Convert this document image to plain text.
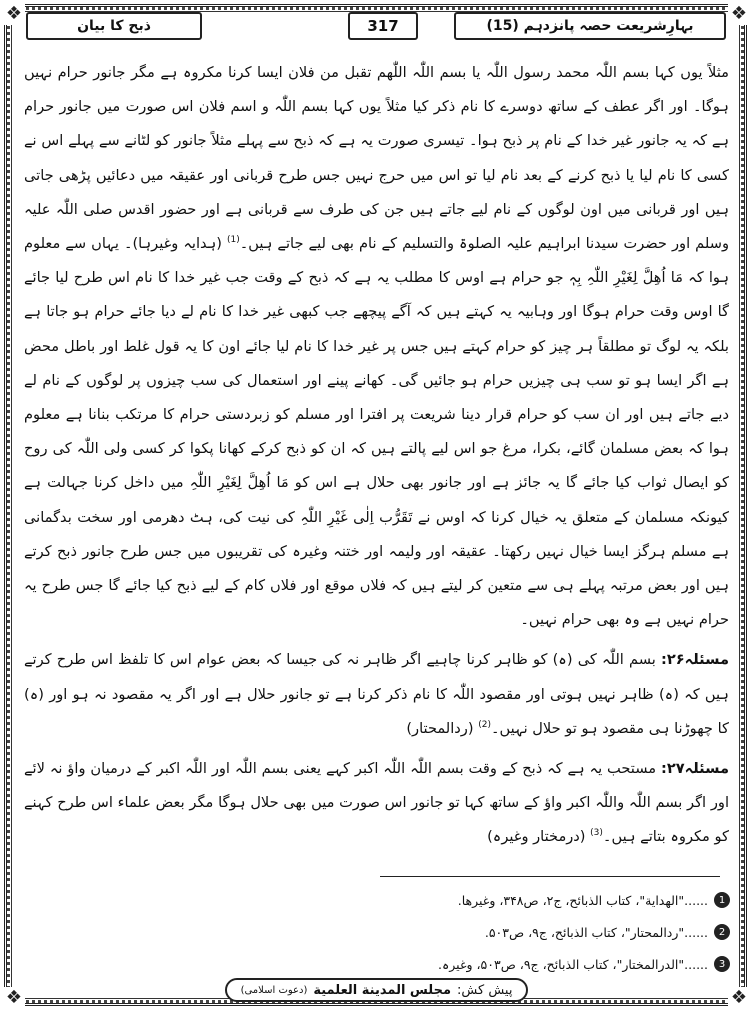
❖	❖
❖	❖
بہارِشریعت حصہ پانزدہم (15)
317
ذبح کا بیان

مثلاً یوں کہا بسم اللّٰہ محمد رسول اللّٰہ یا بسم اللّٰہ اللّٰھم تقبل من فلان ایسا کرنا مکروہ ہے مگر جانور حرام نہیں ہوگا۔ اور اگر عطف کے ساتھ دوسرے کا نام ذکر کیا مثلاً یوں کہا بسم اللّٰہ و اسم فلان اس صورت میں جانور حرام ہے کہ یہ جانور غیر خدا کے نام پر ذبح ہوا۔ تیسری صورت یہ ہے کہ ذبح سے پہلے مثلاً جانور کو لٹانے سے پہلے اس نے کسی کا نام لیا یا ذبح کرنے کے بعد نام لیا تو اس میں حرج نہیں جس طرح قربانی اور عقیقہ میں دعائیں پڑھی جاتی ہیں اور قربانی میں اون لوگوں کے نام لیے جاتے ہیں جن کی طرف سے قربانی ہے اور حضور اقدس صلی اللّٰہ علیہ وسلم اور حضرت سیدنا ابراہیم علیہ الصلوۃ والتسلیم کے نام بھی لیے جاتے ہیں۔$^{(1)}$ (ہدایہ وغیرہا)۔ یہاں سے معلوم ہوا کہ مَا اُھِلَّ لِغَیْرِ اللّٰہِ بِہٖ جو حرام ہے اوس کا مطلب یہ ہے کہ ذبح کے وقت جب غیر خدا کا نام اس طرح لیا جائے گا اوس وقت حرام ہوگا اور وہابیہ یہ کہتے ہیں کہ آگے پیچھے جب کبھی غیر خدا کا نام لے دیا جائے حرام ہو جاتا ہے بلکہ یہ لوگ تو مطلقاً ہر چیز کو حرام کہتے ہیں جس پر غیر خدا کا نام لیا جائے اون کا یہ قول غلط اور باطل محض ہے اگر ایسا ہو تو سب ہی چیزیں حرام ہو جائیں گی۔ کھانے پینے اور استعمال کی سب چیزوں پر لوگوں کے نام لے دیے جاتے ہیں اور ان سب کو حرام قرار دینا شریعت پر افترا اور مسلم کو زبردستی حرام کا مرتکب بنانا ہے معلوم ہوا کہ بعض مسلمان گائے، بکرا، مرغ جو اس لیے پالتے ہیں کہ ان کو ذبح کرکے کھانا پکوا کر کسی ولی اللّٰہ کی روح کو ایصال ثواب کیا جائے گا یہ جائز ہے اور جانور بھی حلال ہے اس کو مَا اُھِلَّ لِغَیْرِ اللّٰہِ میں داخل کرنا جہالت ہے کیونکہ مسلمان کے متعلق یہ خیال کرنا کہ اوس نے تَقَرُّب اِلٰی غَیْرِ اللّٰہِ کی نیت کی، ہٹ دھرمی اور سخت بدگمانی ہے مسلم ہرگز ایسا خیال نہیں رکھتا۔ عقیقہ اور ولیمہ اور ختنہ وغیرہ کی تقریبوں میں جس طرح جانور ذبح کرتے ہیں اور بعض مرتبہ پہلے ہی سے متعین کر لیتے ہیں کہ فلاں موقع اور فلاں کام کے لیے ذبح کیا جائے گا جس طرح یہ حرام نہیں ہے وہ بھی حرام نہیں۔

مسئلہ۲۶: بسم اللّٰہ کی (ہ) کو ظاہر کرنا چاہیے اگر ظاہر نہ کی جیسا کہ بعض عوام اس کا تلفظ اس طرح کرتے ہیں کہ (ہ) ظاہر نہیں ہوتی اور مقصود اللّٰہ کا نام ذکر کرنا ہے تو جانور حلال ہے اور اگر یہ مقصود نہ ہو اور (ہ) کا چھوڑنا ہی مقصود ہو تو حلال نہیں۔$^{(2)}$ (ردالمحتار)

مسئلہ۲۷: مستحب یہ ہے کہ ذبح کے وقت بسم اللّٰہ اللّٰہ اکبر کہے یعنی بسم اللّٰہ اور اللّٰہ اکبر کے درمیان واؤ نہ لائے اور اگر بسم اللّٰہ واللّٰہ اکبر واؤ کے ساتھ کہا تو جانور اس صورت میں بھی حلال ہوگا مگر بعض علماء اس طرح کہنے کو مکروہ بتاتے ہیں۔$^{(3)}$ (درمختار وغیرہ)

1
......"الھدایة"، کتاب الذبائح، ج۲، ص۳۴۸، وغیرھا.
2
......"ردالمحتار"، کتاب الذبائح، ج۹، ص۵۰۳.
3
......"الدرالمختار"، کتاب الذبائح، ج۹، ص۵۰۳، وغیرہ.
پیش کش:
مجلس المدینة العلمیة
(دعوت اسلامی)
